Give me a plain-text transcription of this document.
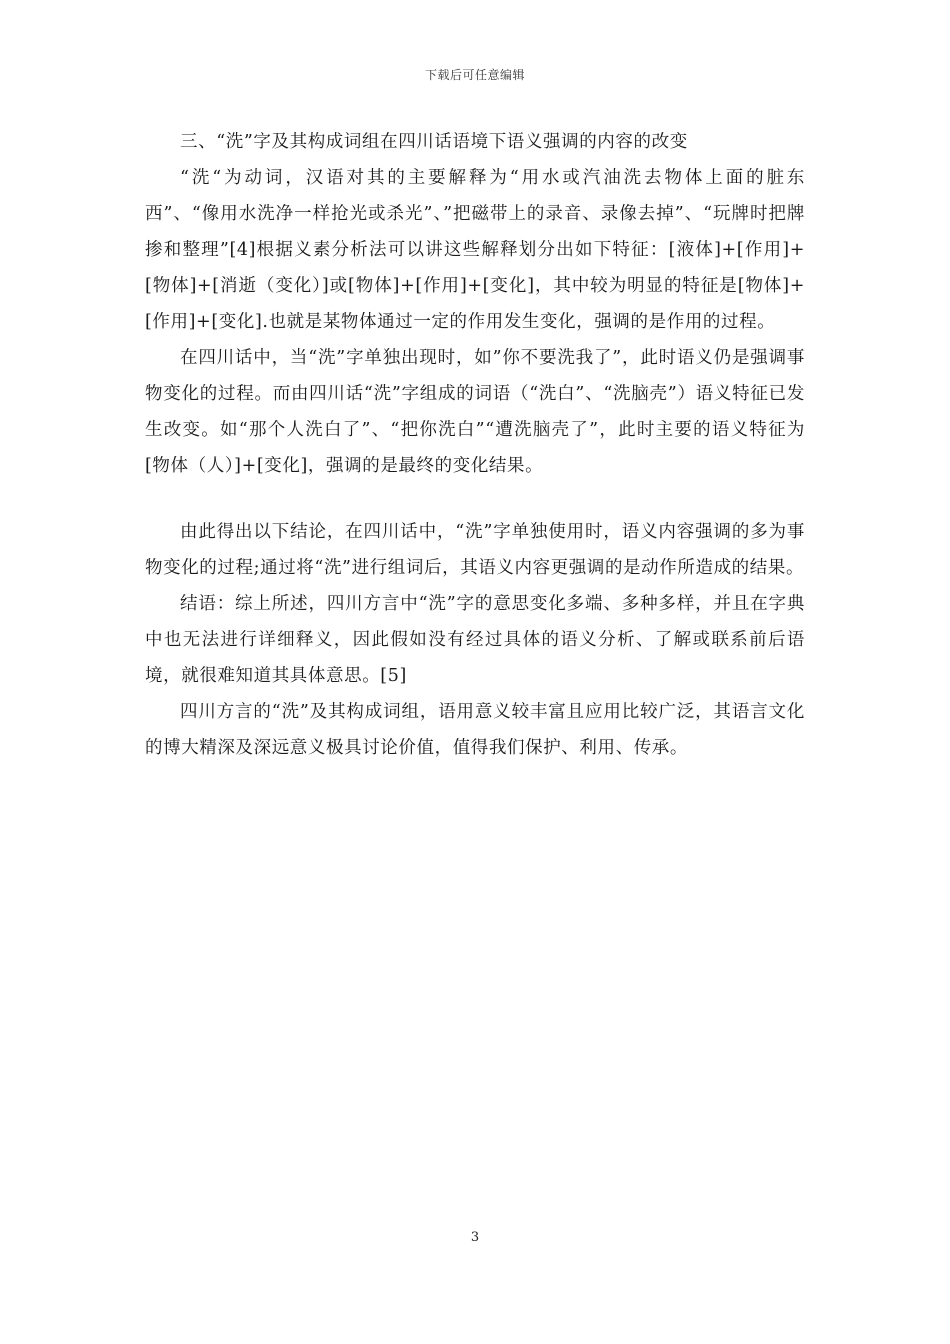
下载后可任意编辑

三、“洗”字及其构成词组在四川话语境下语义强调的内容的改变

“洗“为动词，汉语对其的主要解释为“用水或汽油洗去物体上面的脏东西”、“像用水洗净一样抢光或杀光”、”把磁带上的录音、录像去掉”、“玩牌时把牌掺和整理”[4]根据义素分析法可以讲这些解释划分出如下特征：[液体]+[作用]+[物体]+[消逝（变化）]或[物体]+[作用]+[变化]，其中较为明显的特征是[物体]+[作用]+[变化].也就是某物体通过一定的作用发生变化，强调的是作用的过程。

在四川话中，当“洗”字单独出现时，如”你不要洗我了”，此时语义仍是强调事物变化的过程。而由四川话“洗”字组成的词语（“洗白”、“洗脑壳”）语义特征已发生改变。如“那个人洗白了”、“把你洗白”“遭洗脑壳了”，此时主要的语义特征为[物体（人）]+[变化]，强调的是最终的变化结果。

由此得出以下结论，在四川话中，“洗”字单独使用时，语义内容强调的多为事物变化的过程;通过将“洗”进行组词后，其语义内容更强调的是动作所造成的结果。

结语：综上所述，四川方言中“洗”字的意思变化多端、多种多样，并且在字典中也无法进行详细释义，因此假如没有经过具体的语义分析、了解或联系前后语境，就很难知道其具体意思。[5]

四川方言的“洗”及其构成词组，语用意义较丰富且应用比较广泛，其语言文化的博大精深及深远意义极具讨论价值，值得我们保护、利用、传承。

3
